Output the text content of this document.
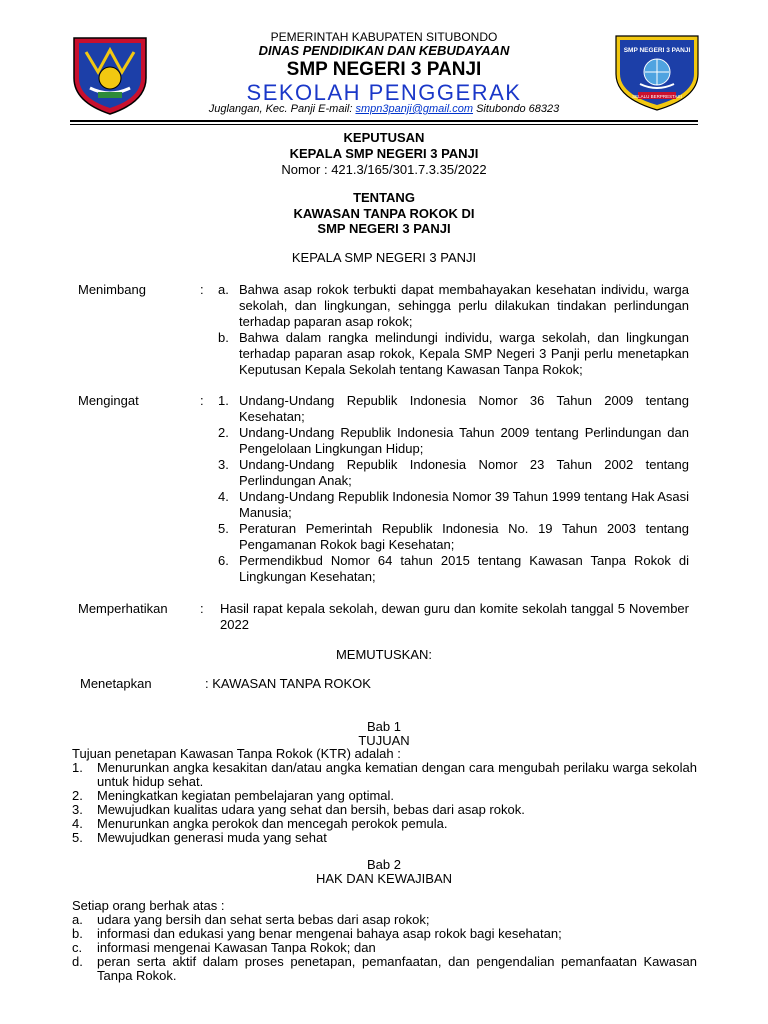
PEMERINTAH KABUPATEN SITUBONDO
DINAS PENDIDIKAN DAN KEBUDAYAAN
SMP NEGERI 3 PANJI
SEKOLAH PENGGERAK
Juglangan, Kec. Panji E-mail: smpn3panji@gmail.com Situbondo 68323
SMP NEGERI 3 PANJI
SELALU BERPRESTASI
KEPUTUSAN
KEPALA SMP NEGERI 3 PANJI
Nomor : 421.3/165/301.7.3.35/2022
TENTANG
KAWASAN TANPA ROKOK DI
SMP NEGERI 3 PANJI
KEPALA SMP NEGERI 3 PANJI
Menimbang	: a. Bahwa asap rokok terbukti dapat membahayakan kesehatan individu, warga sekolah, dan lingkungan, sehingga perlu dilakukan tindakan perlindungan terhadap paparan asap rokok;
b. Bahwa dalam rangka melindungi individu, warga sekolah, dan lingkungan terhadap paparan asap rokok, Kepala SMP Negeri 3 Panji perlu menetapkan Keputusan Kepala Sekolah tentang Kawasan Tanpa Rokok;
Mengingat	: 1. Undang-Undang Republik Indonesia Nomor 36 Tahun 2009 tentang Kesehatan;
2. Undang-Undang Republik Indonesia Tahun 2009 tentang Perlindungan dan Pengelolaan Lingkungan Hidup;
3. Undang-Undang Republik Indonesia Nomor 23 Tahun 2002 tentang Perlindungan Anak;
4. Undang-Undang Republik Indonesia Nomor 39 Tahun 1999 tentang Hak Asasi Manusia;
5. Peraturan Pemerintah Republik Indonesia No. 19 Tahun 2003 tentang Pengamanan Rokok bagi Kesehatan;
6. Permendikbud Nomor 64 tahun 2015 tentang Kawasan Tanpa Rokok di Lingkungan Kesehatan;
Memperhatikan : Hasil rapat kepala sekolah, dewan guru dan komite sekolah tanggal 5 November 2022
MEMUTUSKAN:
Menetapkan	: KAWASAN TANPA ROKOK
Bab 1
TUJUAN
Tujuan penetapan Kawasan Tanpa Rokok (KTR) adalah :
1. Menurunkan angka kesakitan dan/atau angka kematian dengan cara mengubah perilaku warga sekolah untuk hidup sehat.
2. Meningkatkan kegiatan pembelajaran yang optimal.
3. Mewujudkan kualitas udara yang sehat dan bersih, bebas dari asap rokok.
4. Menurunkan angka perokok dan mencegah perokok pemula.
5. Mewujudkan generasi muda yang sehat
Bab 2
HAK DAN KEWAJIBAN
Setiap orang berhak atas :
a. udara yang bersih dan sehat serta bebas dari asap rokok;
b. informasi dan edukasi yang benar mengenai bahaya asap rokok bagi kesehatan;
c. informasi mengenai Kawasan Tanpa Rokok; dan
d. peran serta aktif dalam proses penetapan, pemanfaatan, dan pengendalian pemanfaatan Kawasan Tanpa Rokok.
